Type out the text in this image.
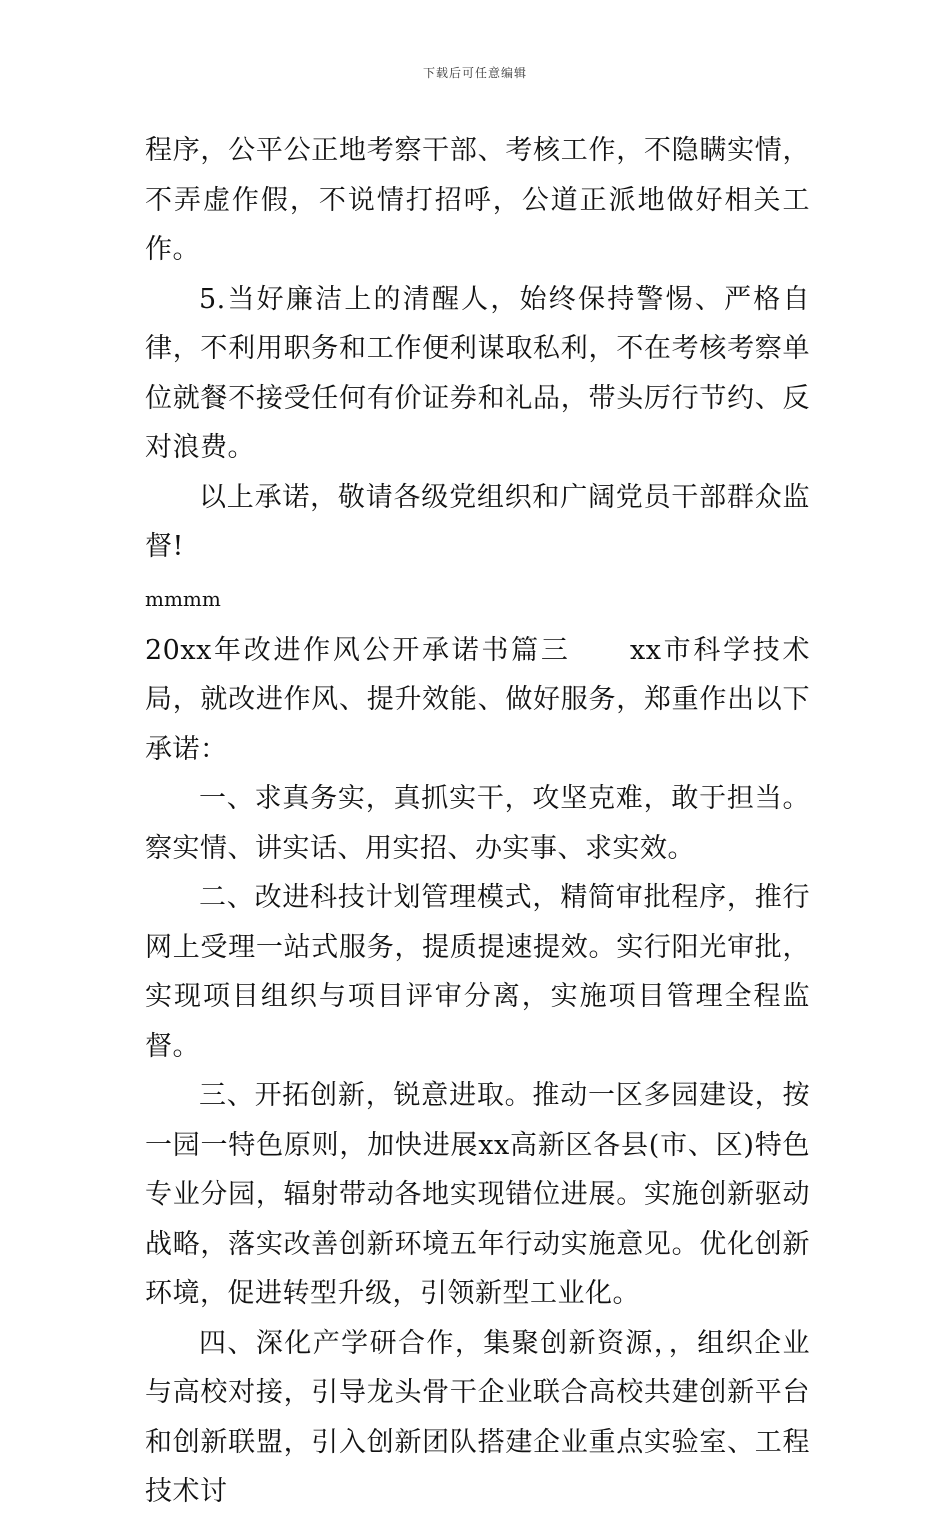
下载后可任意编辑

程序，公平公正地考察干部、考核工作，不隐瞒实情，不弄虚作假，不说情打招呼，公道正派地做好相关工作。

5.当好廉洁上的清醒人，始终保持警惕、严格自律，不利用职务和工作便利谋取私利，不在考核考察单位就餐不接受任何有价证券和礼品，带头厉行节约、反对浪费。

以上承诺，敬请各级党组织和广阔党员干部群众监督!

mmmm

20xx年改进作风公开承诺书篇三　　xx市科学技术局，就改进作风、提升效能、做好服务，郑重作出以下承诺：

一、求真务实，真抓实干，攻坚克难，敢于担当。察实情、讲实话、用实招、办实事、求实效。

二、改进科技计划管理模式，精简审批程序，推行网上受理一站式服务，提质提速提效。实行阳光审批，实现项目组织与项目评审分离，实施项目管理全程监督。

三、开拓创新，锐意进取。推动一区多园建设，按一园一特色原则，加快进展xx高新区各县(市、区)特色专业分园，辐射带动各地实现错位进展。实施创新驱动战略，落实改善创新环境五年行动实施意见。优化创新环境，促进转型升级，引领新型工业化。

四、深化产学研合作，集聚创新资源，，组织企业与高校对接，引导龙头骨干企业联合高校共建创新平台和创新联盟，引入创新团队搭建企业重点实验室、工程技术讨
